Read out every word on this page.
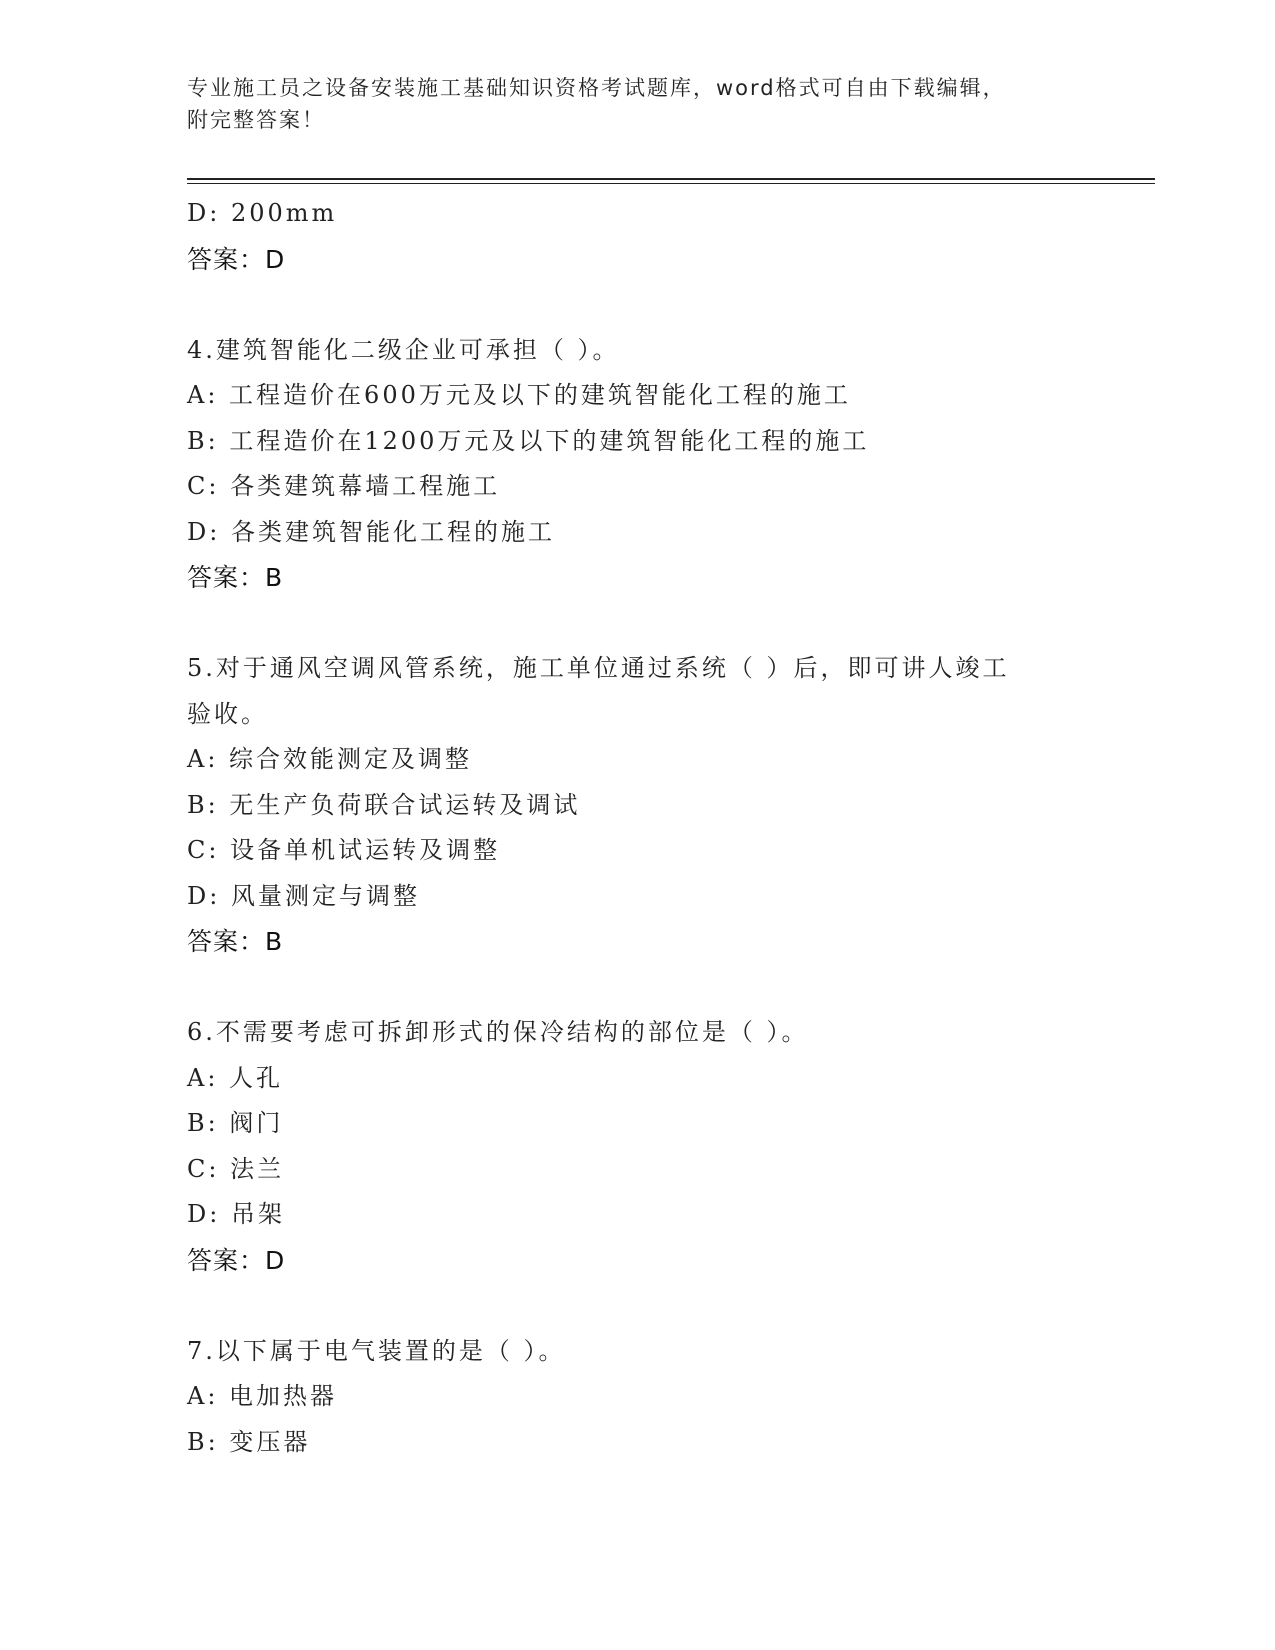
专业施工员之设备安装施工基础知识资格考试题库，word格式可自由下载编辑，
附完整答案！
D: 200mm
答案：D
4.建筑智能化二级企业可承担（ ）。
A: 工程造价在600万元及以下的建筑智能化工程的施工
B: 工程造价在1200万元及以下的建筑智能化工程的施工
C: 各类建筑幕墙工程施工
D: 各类建筑智能化工程的施工
答案：B
5.对于通风空调风管系统，施工单位通过系统（ ）后，即可讲人竣工
验收。
A: 综合效能测定及调整
B: 无生产负荷联合试运转及调试
C: 设备单机试运转及调整
D: 风量测定与调整
答案：B
6.不需要考虑可拆卸形式的保冷结构的部位是（ ）。
A: 人孔
B: 阀门
C: 法兰
D: 吊架
答案：D
7.以下属于电气装置的是（ ）。
A: 电加热器
B: 变压器
